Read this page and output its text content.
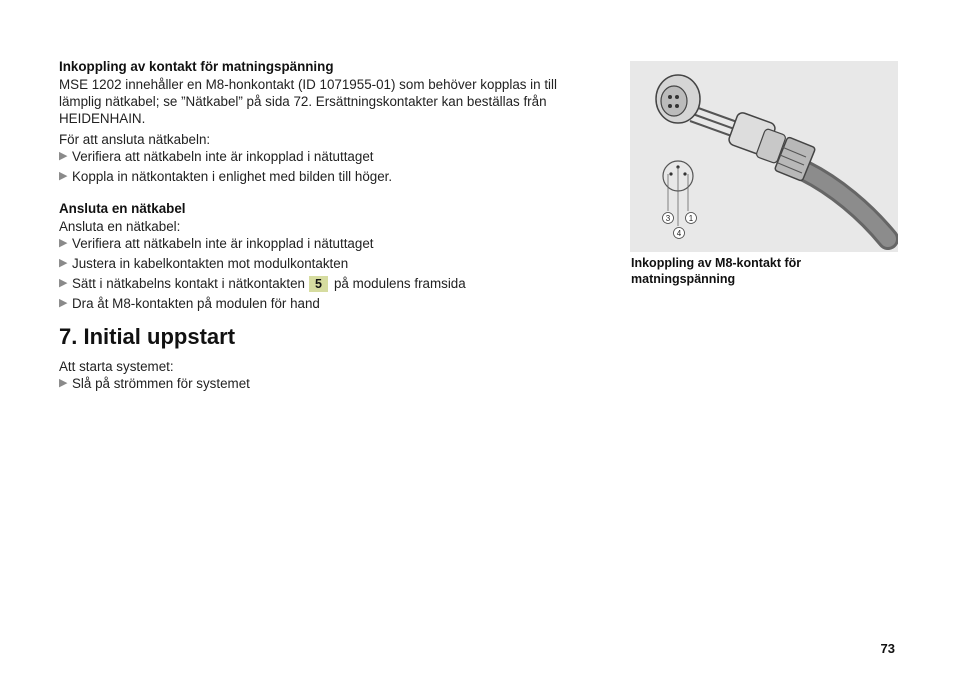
Inkoppling av kontakt för matningspänning

MSE 1202 innehåller en M8-honkontakt (ID 1071955-01) som behöver kopplas in till

lämplig nätkabel; se ”Nätkabel” på sida 72. Ersättningskontakter kan beställas från

HEIDENHAIN.

För att ansluta nätkabeln:

▶ Verifiera att nätkabeln inte är inkopplad i nätuttaget
▶ Koppla in nätkontakten i enlighet med bilden till höger.
Ansluta en nätkabel

Ansluta en nätkabel:

▶ Verifiera att nätkabeln inte är inkopplad i nätuttaget
▶ Justera in kabelkontakten mot modulkontakten
▶ Sätt i nätkabelns kontakt i nätkontakten 5 på modulens framsida
▶ Dra åt M8-kontakten på modulen för hand
7. Initial uppstart

Att starta systemet:

▶ Slå på strömmen för systemet
3 1
4
Inkoppling av M8-kontakt för
matningspänning
73
